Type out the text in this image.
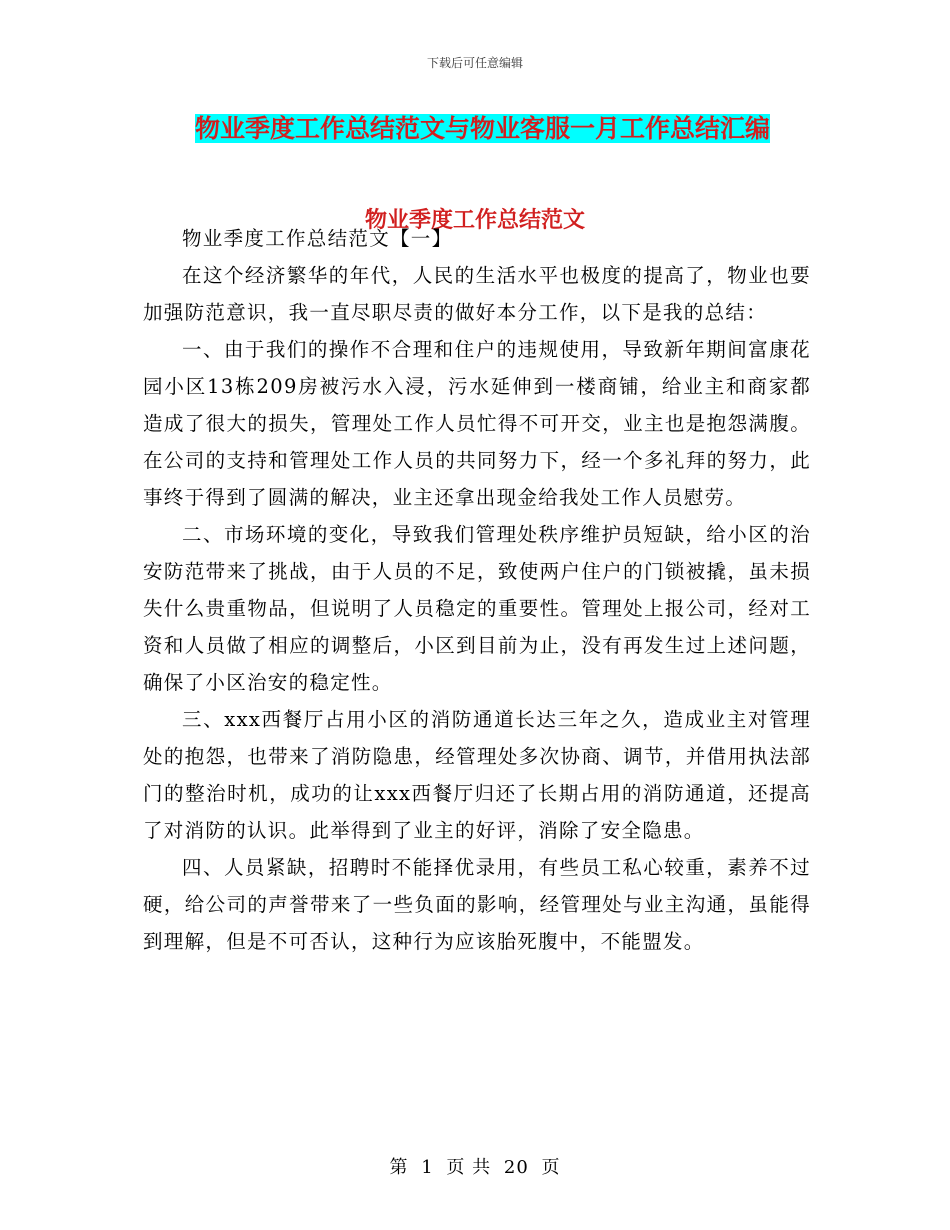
下载后可任意编辑
物业季度工作总结范文与物业客服一月工作总结汇编
物业季度工作总结范文

物业季度工作总结范文【一】

在这个经济繁华的年代，人民的生活水平也极度的提高了，物业也要加强防范意识，我一直尽职尽责的做好本分工作，以下是我的总结：

一、由于我们的操作不合理和住户的违规使用，导致新年期间富康花园小区13栋209房被污水入浸，污水延伸到一楼商铺，给业主和商家都造成了很大的损失，管理处工作人员忙得不可开交，业主也是抱怨满腹。在公司的支持和管理处工作人员的共同努力下，经一个多礼拜的努力，此事终于得到了圆满的解决，业主还拿出现金给我处工作人员慰劳。

二、市场环境的变化，导致我们管理处秩序维护员短缺，给小区的治安防范带来了挑战，由于人员的不足，致使两户住户的门锁被撬，虽未损失什么贵重物品，但说明了人员稳定的重要性。管理处上报公司，经对工资和人员做了相应的调整后，小区到目前为止，没有再发生过上述问题，确保了小区治安的稳定性。

三、xxx西餐厅占用小区的消防通道长达三年之久，造成业主对管理处的抱怨，也带来了消防隐患，经管理处多次协商、调节，并借用执法部门的整治时机，成功的让xxx西餐厅归还了长期占用的消防通道，还提高了对消防的认识。此举得到了业主的好评，消除了安全隐患。

四、人员紧缺，招聘时不能择优录用，有些员工私心较重，素养不过硬，给公司的声誉带来了一些负面的影响，经管理处与业主沟通，虽能得到理解，但是不可否认，这种行为应该胎死腹中，不能盟发。

第 1 页 共 20 页
